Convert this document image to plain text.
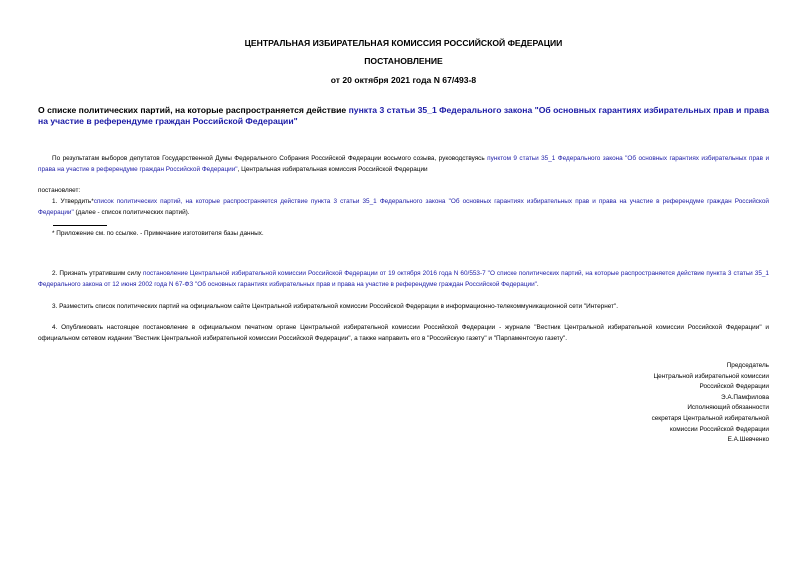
ЦЕНТРАЛЬНАЯ ИЗБИРАТЕЛЬНАЯ КОМИССИЯ РОССИЙСКОЙ ФЕДЕРАЦИИ
ПОСТАНОВЛЕНИЕ
от 20 октября 2021 года N 67/493-8
О списке политических партий, на которые распространяется действие пункта 3 статьи 35_1 Федерального закона "Об основных гарантиях избирательных прав и права на участие в референдуме граждан Российской Федерации"
По результатам выборов депутатов Государственной Думы Федерального Собрания Российской Федерации восьмого созыва, руководствуясь пунктом 9 статьи 35_1 Федерального закона "Об основных гарантиях избирательных прав и права на участие в референдуме граждан Российской Федерации", Центральная избирательная комиссия Российской Федерации
постановляет:
1. Утвердить*список политических партий, на которые распространяется действие пункта 3 статьи 35_1 Федерального закона "Об основных гарантиях избирательных прав и права на участие в референдуме граждан Российской Федерации" (далее - список политических партий).
* Приложение см. по ссылке. - Примечание изготовителя базы данных.
2. Признать утратившим силу постановление Центральной избирательной комиссии Российской Федерации от 19 октября 2016 года N 60/553-7 "О списке политических партий, на которые распространяется действие пункта 3 статьи 35_1 Федерального закона от 12 июня 2002 года N 67-ФЗ "Об основных гарантиях избирательных прав и права на участие в референдуме граждан Российской Федерации".
3. Разместить список политических партий на официальном сайте Центральной избирательной комиссии Российской Федерации в информационно-телекоммуникационной сети "Интернет".
4. Опубликовать настоящее постановление в официальном печатном органе Центральной избирательной комиссии Российской Федерации - журнале "Вестник Центральной избирательной комиссии Российской Федерации" и официальном сетевом издании "Вестник Центральной избирательной комиссии Российской Федерации", а также направить его в "Российскую газету" и "Парламентскую газету".
Председатель
Центральной избирательной комиссии
Российской Федерации
Э.А.Памфилова
Исполняющий обязанности
секретаря Центральной избирательной
комиссии Российской Федерации
Е.А.Шевченко
